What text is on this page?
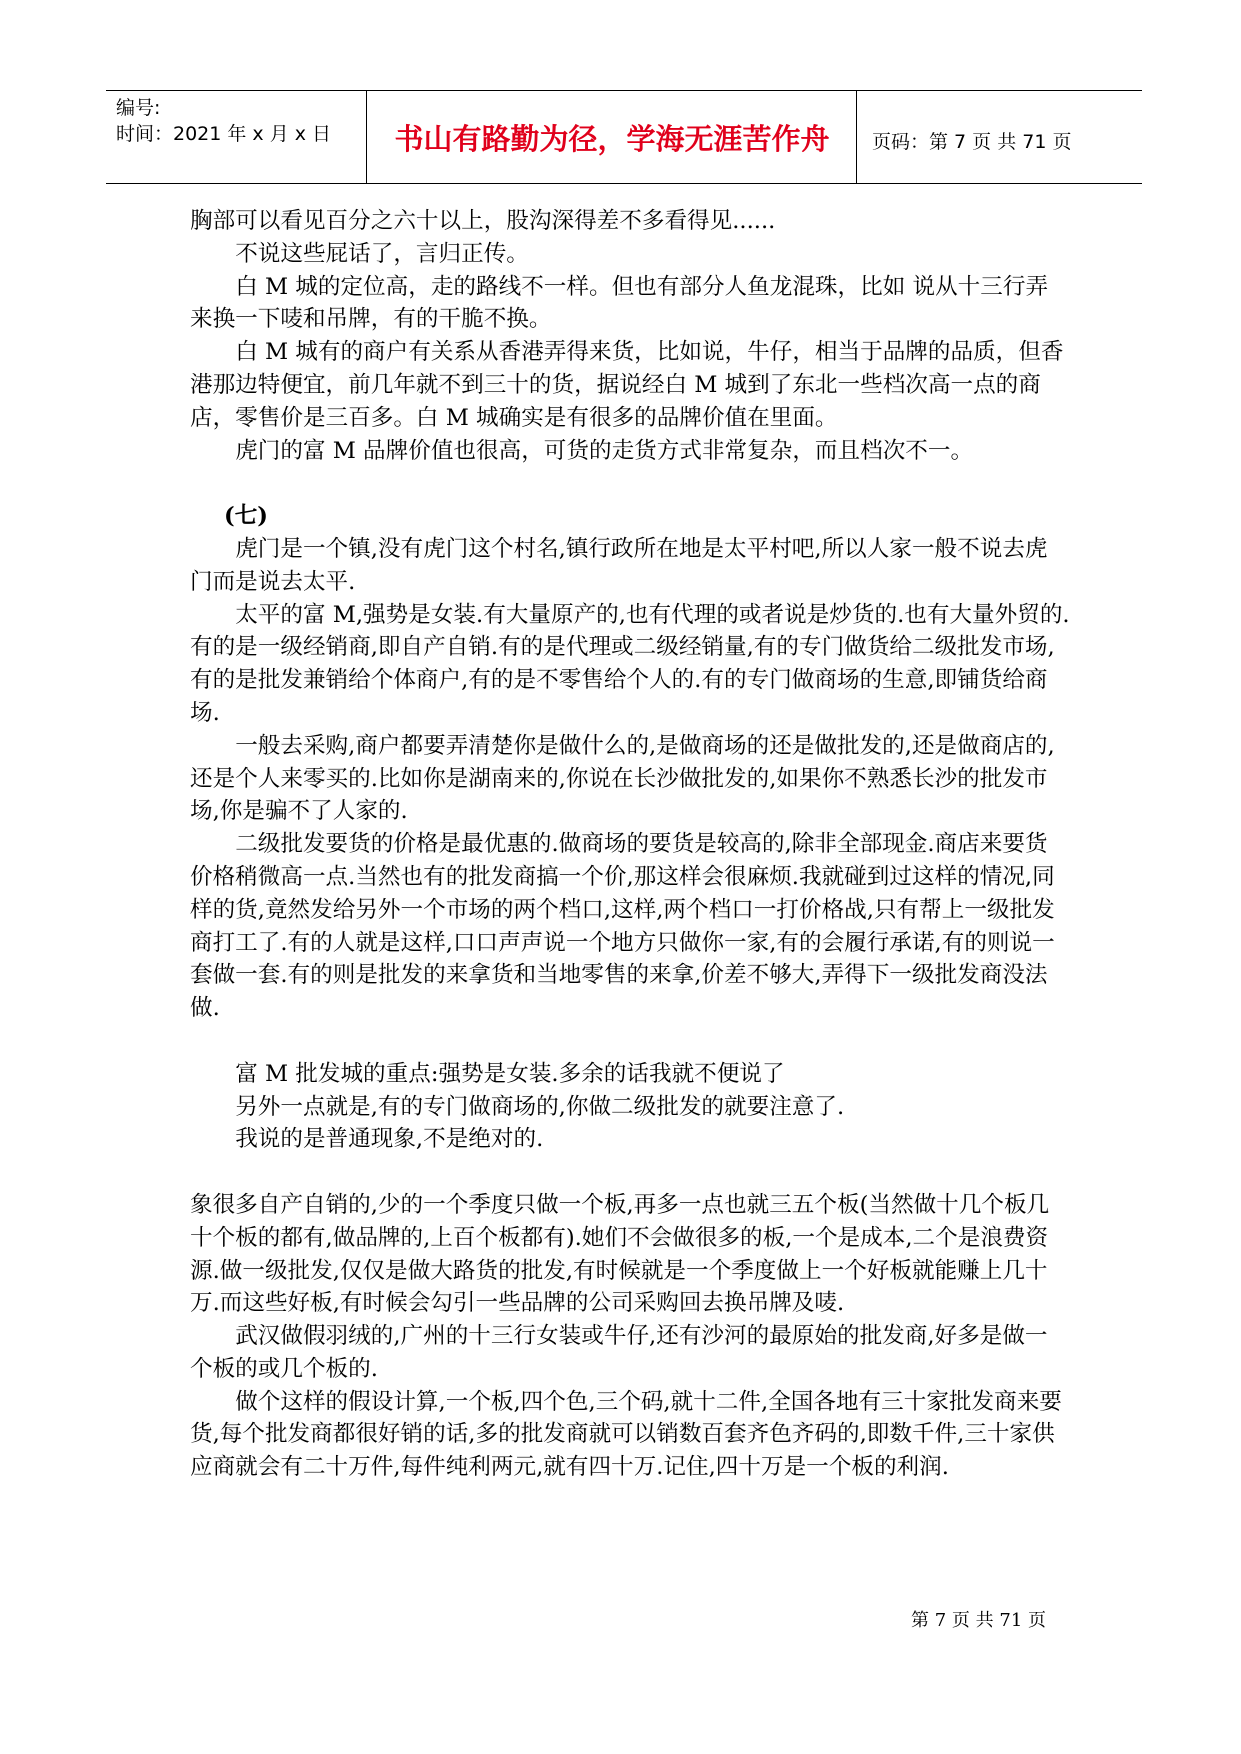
编号:
时间：2021 年 x 月 x 日	书山有路勤为径，学海无涯苦作舟	页码：第 7 页 共 71 页

胸部可以看见百分之六十以上，股沟深得差不多看得见......

不说这些屁话了，言归正传。

白 M 城的定位高，走的路线不一样。但也有部分人鱼龙混珠，比如 说从十三行弄来换一下唛和吊牌，有的干脆不换。

白 M 城有的商户有关系从香港弄得来货，比如说，牛仔，相当于品牌的品质，但香港那边特便宜，前几年就不到三十的货，据说经白 M 城到了东北一些档次高一点的商店，零售价是三百多。白 M 城确实是有很多的品牌价值在里面。

虎门的富 M 品牌价值也很高，可货的走货方式非常复杂，而且档次不一。

(七)

虎门是一个镇,没有虎门这个村名,镇行政所在地是太平村吧,所以人家一般不说去虎门而是说去太平.

太平的富 M,强势是女装.有大量原产的,也有代理的或者说是炒货的.也有大量外贸的.有的是一级经销商,即自产自销.有的是代理或二级经销量,有的专门做货给二级批发市场,有的是批发兼销给个体商户,有的是不零售给个人的.有的专门做商场的生意,即铺货给商场.

一般去采购,商户都要弄清楚你是做什么的,是做商场的还是做批发的,还是做商店的,还是个人来零买的.比如你是湖南来的,你说在长沙做批发的,如果你不熟悉长沙的批发市场,你是骗不了人家的.

二级批发要货的价格是最优惠的.做商场的要货是较高的,除非全部现金.商店来要货价格稍微高一点.当然也有的批发商搞一个价,那这样会很麻烦.我就碰到过这样的情况,同样的货,竟然发给另外一个市场的两个档口,这样,两个档口一打价格战,只有帮上一级批发商打工了.有的人就是这样,口口声声说一个地方只做你一家,有的会履行承诺,有的则说一套做一套.有的则是批发的来拿货和当地零售的来拿,价差不够大,弄得下一级批发商没法做.

富 M 批发城的重点:强势是女装.多余的话我就不便说了

另外一点就是,有的专门做商场的,你做二级批发的就要注意了.

我说的是普通现象,不是绝对的.

象很多自产自销的,少的一个季度只做一个板,再多一点也就三五个板(当然做十几个板几十个板的都有,做品牌的,上百个板都有).她们不会做很多的板,一个是成本,二个是浪费资源.做一级批发,仅仅是做大路货的批发,有时候就是一个季度做上一个好板就能赚上几十万.而这些好板,有时候会勾引一些品牌的公司采购回去换吊牌及唛.

武汉做假羽绒的,广州的十三行女装或牛仔,还有沙河的最原始的批发商,好多是做一个板的或几个板的.

做个这样的假设计算,一个板,四个色,三个码,就十二件,全国各地有三十家批发商来要货,每个批发商都很好销的话,多的批发商就可以销数百套齐色齐码的,即数千件,三十家供应商就会有二十万件,每件纯利两元,就有四十万.记住,四十万是一个板的利润.

第 7 页 共 71 页
